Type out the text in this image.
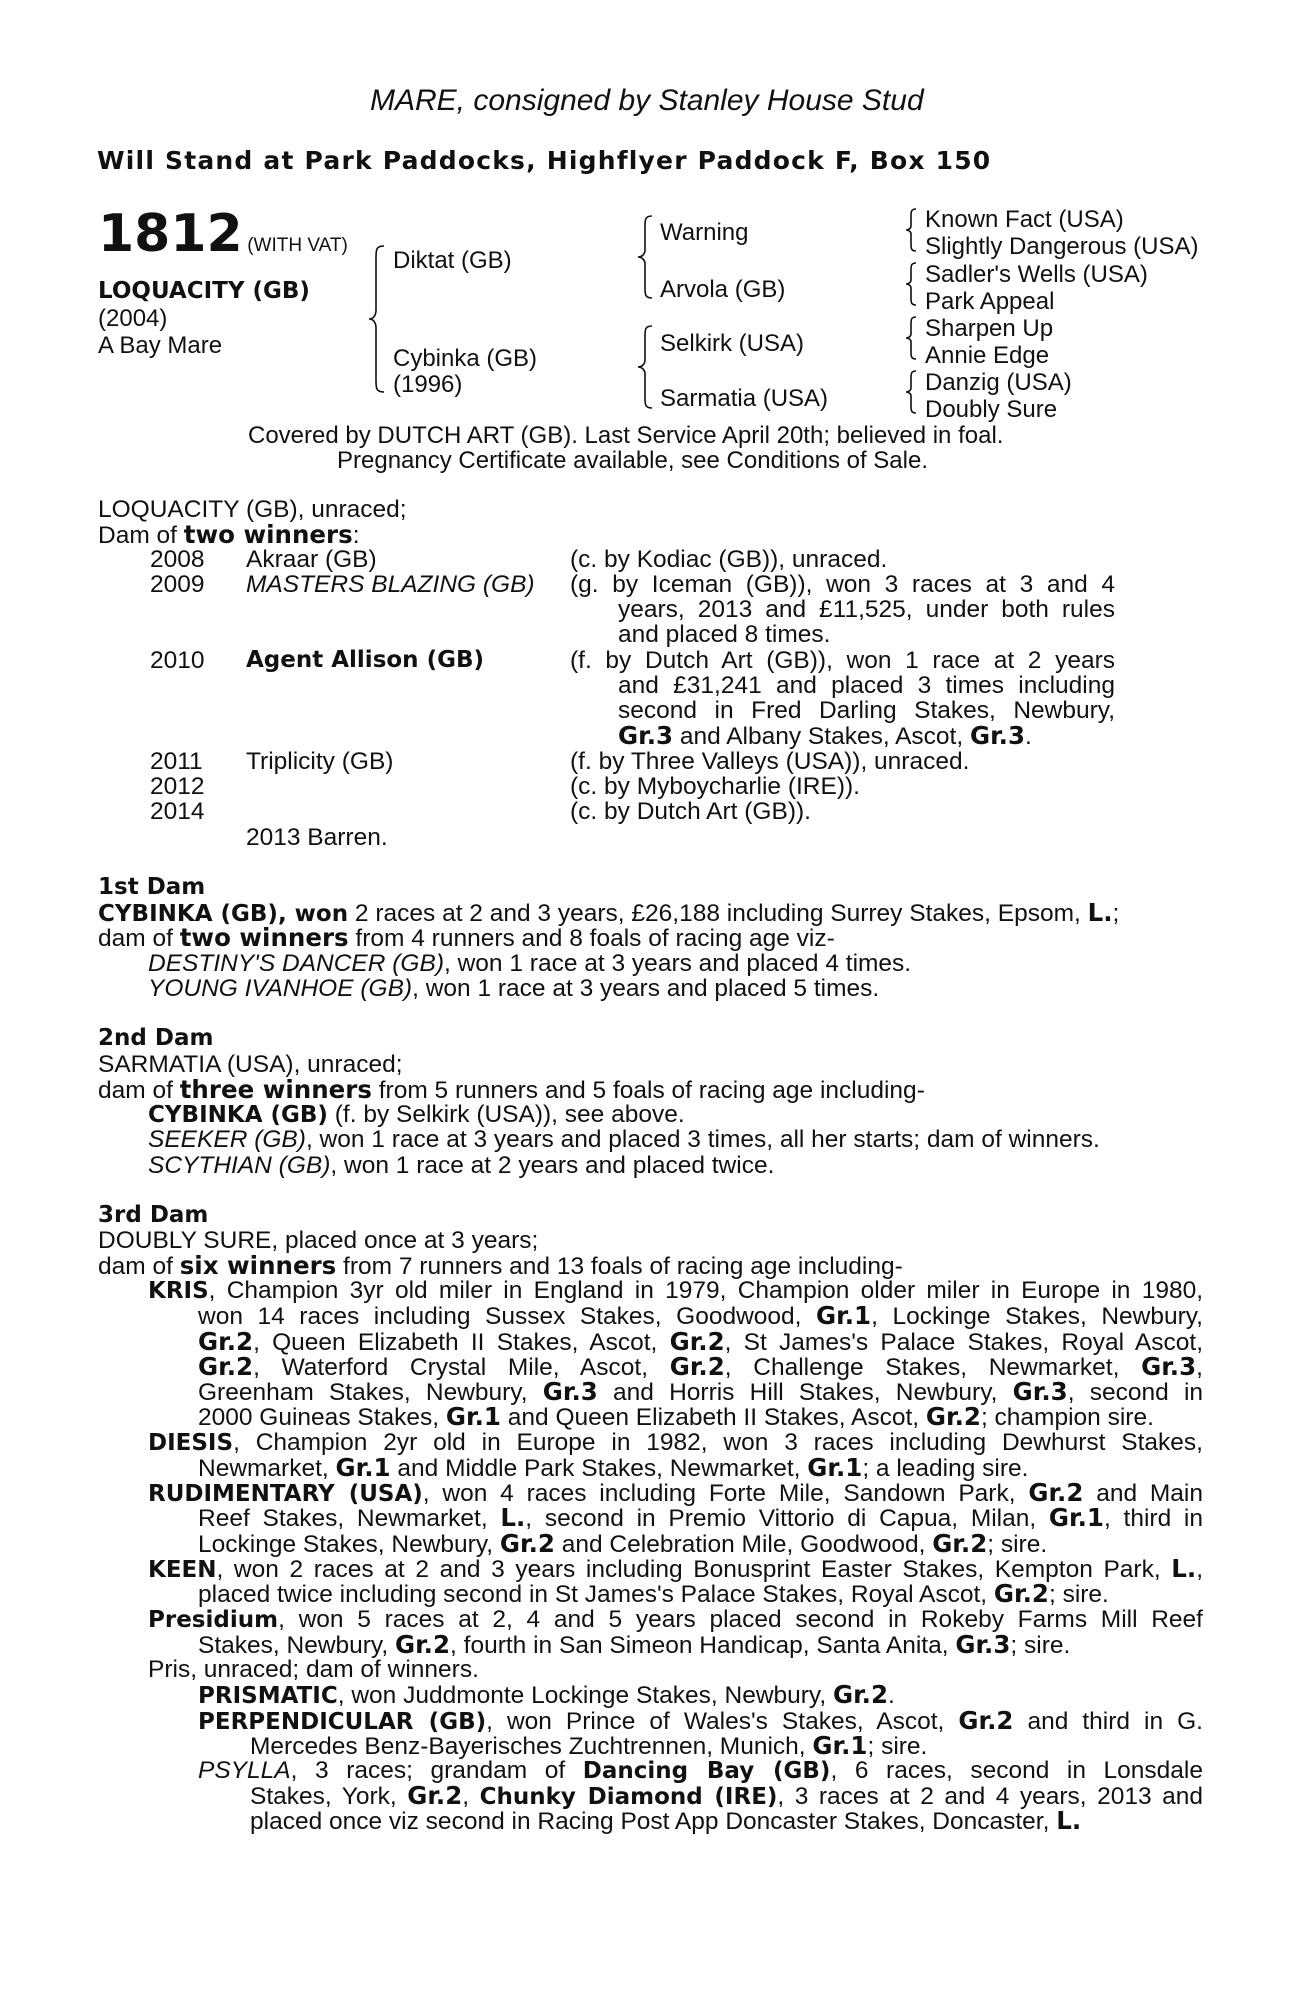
MARE, consigned by Stanley House Stud
Will Stand at Park Paddocks, Highflyer Paddock F, Box 150
1812 (WITH VAT)
LOQUACITY (GB)
(2004)
A Bay Mare
Diktat (GB)
Cybinka (GB)
(1996)
Warning
Arvola (GB)
Selkirk (USA)
Sarmatia (USA)
Known Fact (USA)
Slightly Dangerous (USA)
Sadler's Wells (USA)
Park Appeal
Sharpen Up
Annie Edge
Danzig (USA)
Doubly Sure
Covered by DUTCH ART (GB). Last Service April 20th; believed in foal.
Pregnancy Certificate available, see Conditions of Sale.
LOQUACITY (GB), unraced;
Dam of two winners:
2008 Akraar (GB)	(c. by Kodiac (GB)), unraced.
2009 MASTERS BLAZING (GB) (g. by Iceman (GB)), won 3 races at 3 and 4
years, 2013 and £11,525, under both rules
and placed 8 times.
2010 Agent Allison (GB)	(f. by Dutch Art (GB)), won 1 race at 2 years
and £31,241 and placed 3 times including
second in Fred Darling Stakes, Newbury,
Gr.3 and Albany Stakes, Ascot, Gr.3.
2011 Triplicity (GB)	(f. by Three Valleys (USA)), unraced.
2012	(c. by Myboycharlie (IRE)).
2014	(c. by Dutch Art (GB)).
2013 Barren.
1st Dam
CYBINKA (GB), won 2 races at 2 and 3 years, £26,188 including Surrey Stakes, Epsom, L.;
dam of two winners from 4 runners and 8 foals of racing age viz-
DESTINY'S DANCER (GB), won 1 race at 3 years and placed 4 times.
YOUNG IVANHOE (GB), won 1 race at 3 years and placed 5 times.
2nd Dam
SARMATIA (USA), unraced;
dam of three winners from 5 runners and 5 foals of racing age including-
CYBINKA (GB) (f. by Selkirk (USA)), see above.
SEEKER (GB), won 1 race at 3 years and placed 3 times, all her starts; dam of winners.
SCYTHIAN (GB), won 1 race at 2 years and placed twice.
3rd Dam
DOUBLY SURE, placed once at 3 years;
dam of six winners from 7 runners and 13 foals of racing age including-
KRIS, Champion 3yr old miler in England in 1979, Champion older miler in Europe in 1980,
won 14 races including Sussex Stakes, Goodwood, Gr.1, Lockinge Stakes, Newbury,
Gr.2, Queen Elizabeth II Stakes, Ascot, Gr.2, St James's Palace Stakes, Royal Ascot,
Gr.2, Waterford Crystal Mile, Ascot, Gr.2, Challenge Stakes, Newmarket, Gr.3,
Greenham Stakes, Newbury, Gr.3 and Horris Hill Stakes, Newbury, Gr.3, second in
2000 Guineas Stakes, Gr.1 and Queen Elizabeth II Stakes, Ascot, Gr.2; champion sire.
DIESIS, Champion 2yr old in Europe in 1982, won 3 races including Dewhurst Stakes,
Newmarket, Gr.1 and Middle Park Stakes, Newmarket, Gr.1; a leading sire.
RUDIMENTARY (USA), won 4 races including Forte Mile, Sandown Park, Gr.2 and Main
Reef Stakes, Newmarket, L., second in Premio Vittorio di Capua, Milan, Gr.1, third in
Lockinge Stakes, Newbury, Gr.2 and Celebration Mile, Goodwood, Gr.2; sire.
KEEN, won 2 races at 2 and 3 years including Bonusprint Easter Stakes, Kempton Park, L.,
placed twice including second in St James's Palace Stakes, Royal Ascot, Gr.2; sire.
Presidium, won 5 races at 2, 4 and 5 years placed second in Rokeby Farms Mill Reef
Stakes, Newbury, Gr.2, fourth in San Simeon Handicap, Santa Anita, Gr.3; sire.
Pris, unraced; dam of winners.
PRISMATIC, won Juddmonte Lockinge Stakes, Newbury, Gr.2.
PERPENDICULAR (GB), won Prince of Wales's Stakes, Ascot, Gr.2 and third in G.
Mercedes Benz-Bayerisches Zuchtrennen, Munich, Gr.1; sire.
PSYLLA, 3 races; grandam of Dancing Bay (GB), 6 races, second in Lonsdale
Stakes, York, Gr.2, Chunky Diamond (IRE), 3 races at 2 and 4 years, 2013 and
placed once viz second in Racing Post App Doncaster Stakes, Doncaster, L.
